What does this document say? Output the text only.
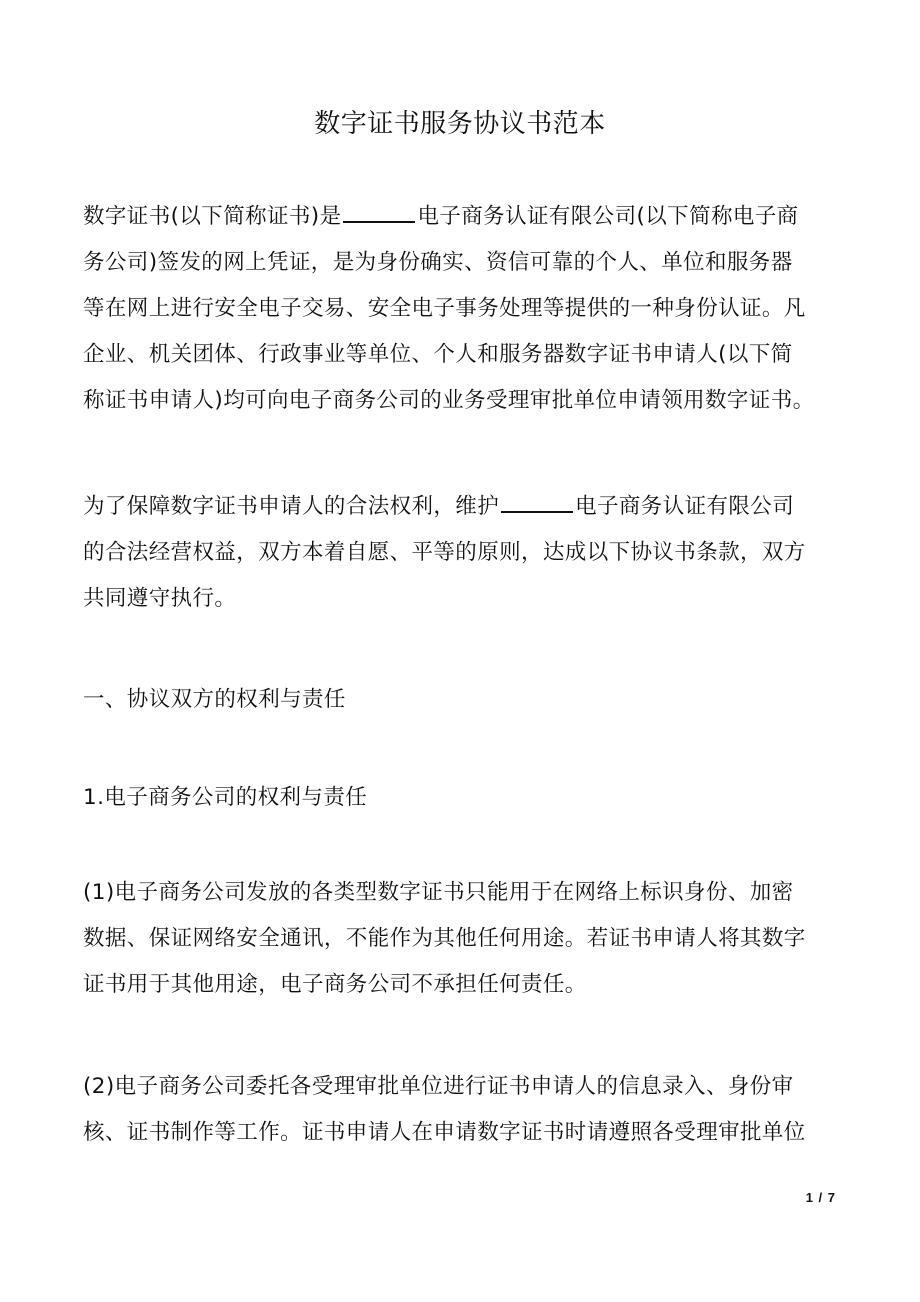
数字证书服务协议书范本
数字证书(以下简称证书)是	电子商务认证有限公司(以下简称电子商
务公司)签发的网上凭证，是为身份确实、资信可靠的个人、单位和服务器
等在网上进行安全电子交易、安全电子事务处理等提供的一种身份认证。凡
企业、机关团体、行政事业等单位、个人和服务器数字证书申请人(以下简
称证书申请人)均可向电子商务公司的业务受理审批单位申请领用数字证书。
为了保障数字证书申请人的合法权利，维护	电子商务认证有限公司
的合法经营权益，双方本着自愿、平等的原则，达成以下协议书条款，双方
共同遵守执行。
一、协议双方的权利与责任
1.电子商务公司的权利与责任
(1)电子商务公司发放的各类型数字证书只能用于在网络上标识身份、加密
数据、保证网络安全通讯，不能作为其他任何用途。若证书申请人将其数字
证书用于其他用途，电子商务公司不承担任何责任。
(2)电子商务公司委托各受理审批单位进行证书申请人的信息录入、身份审
核、证书制作等工作。证书申请人在申请数字证书时请遵照各受理审批单位
1 / 7
